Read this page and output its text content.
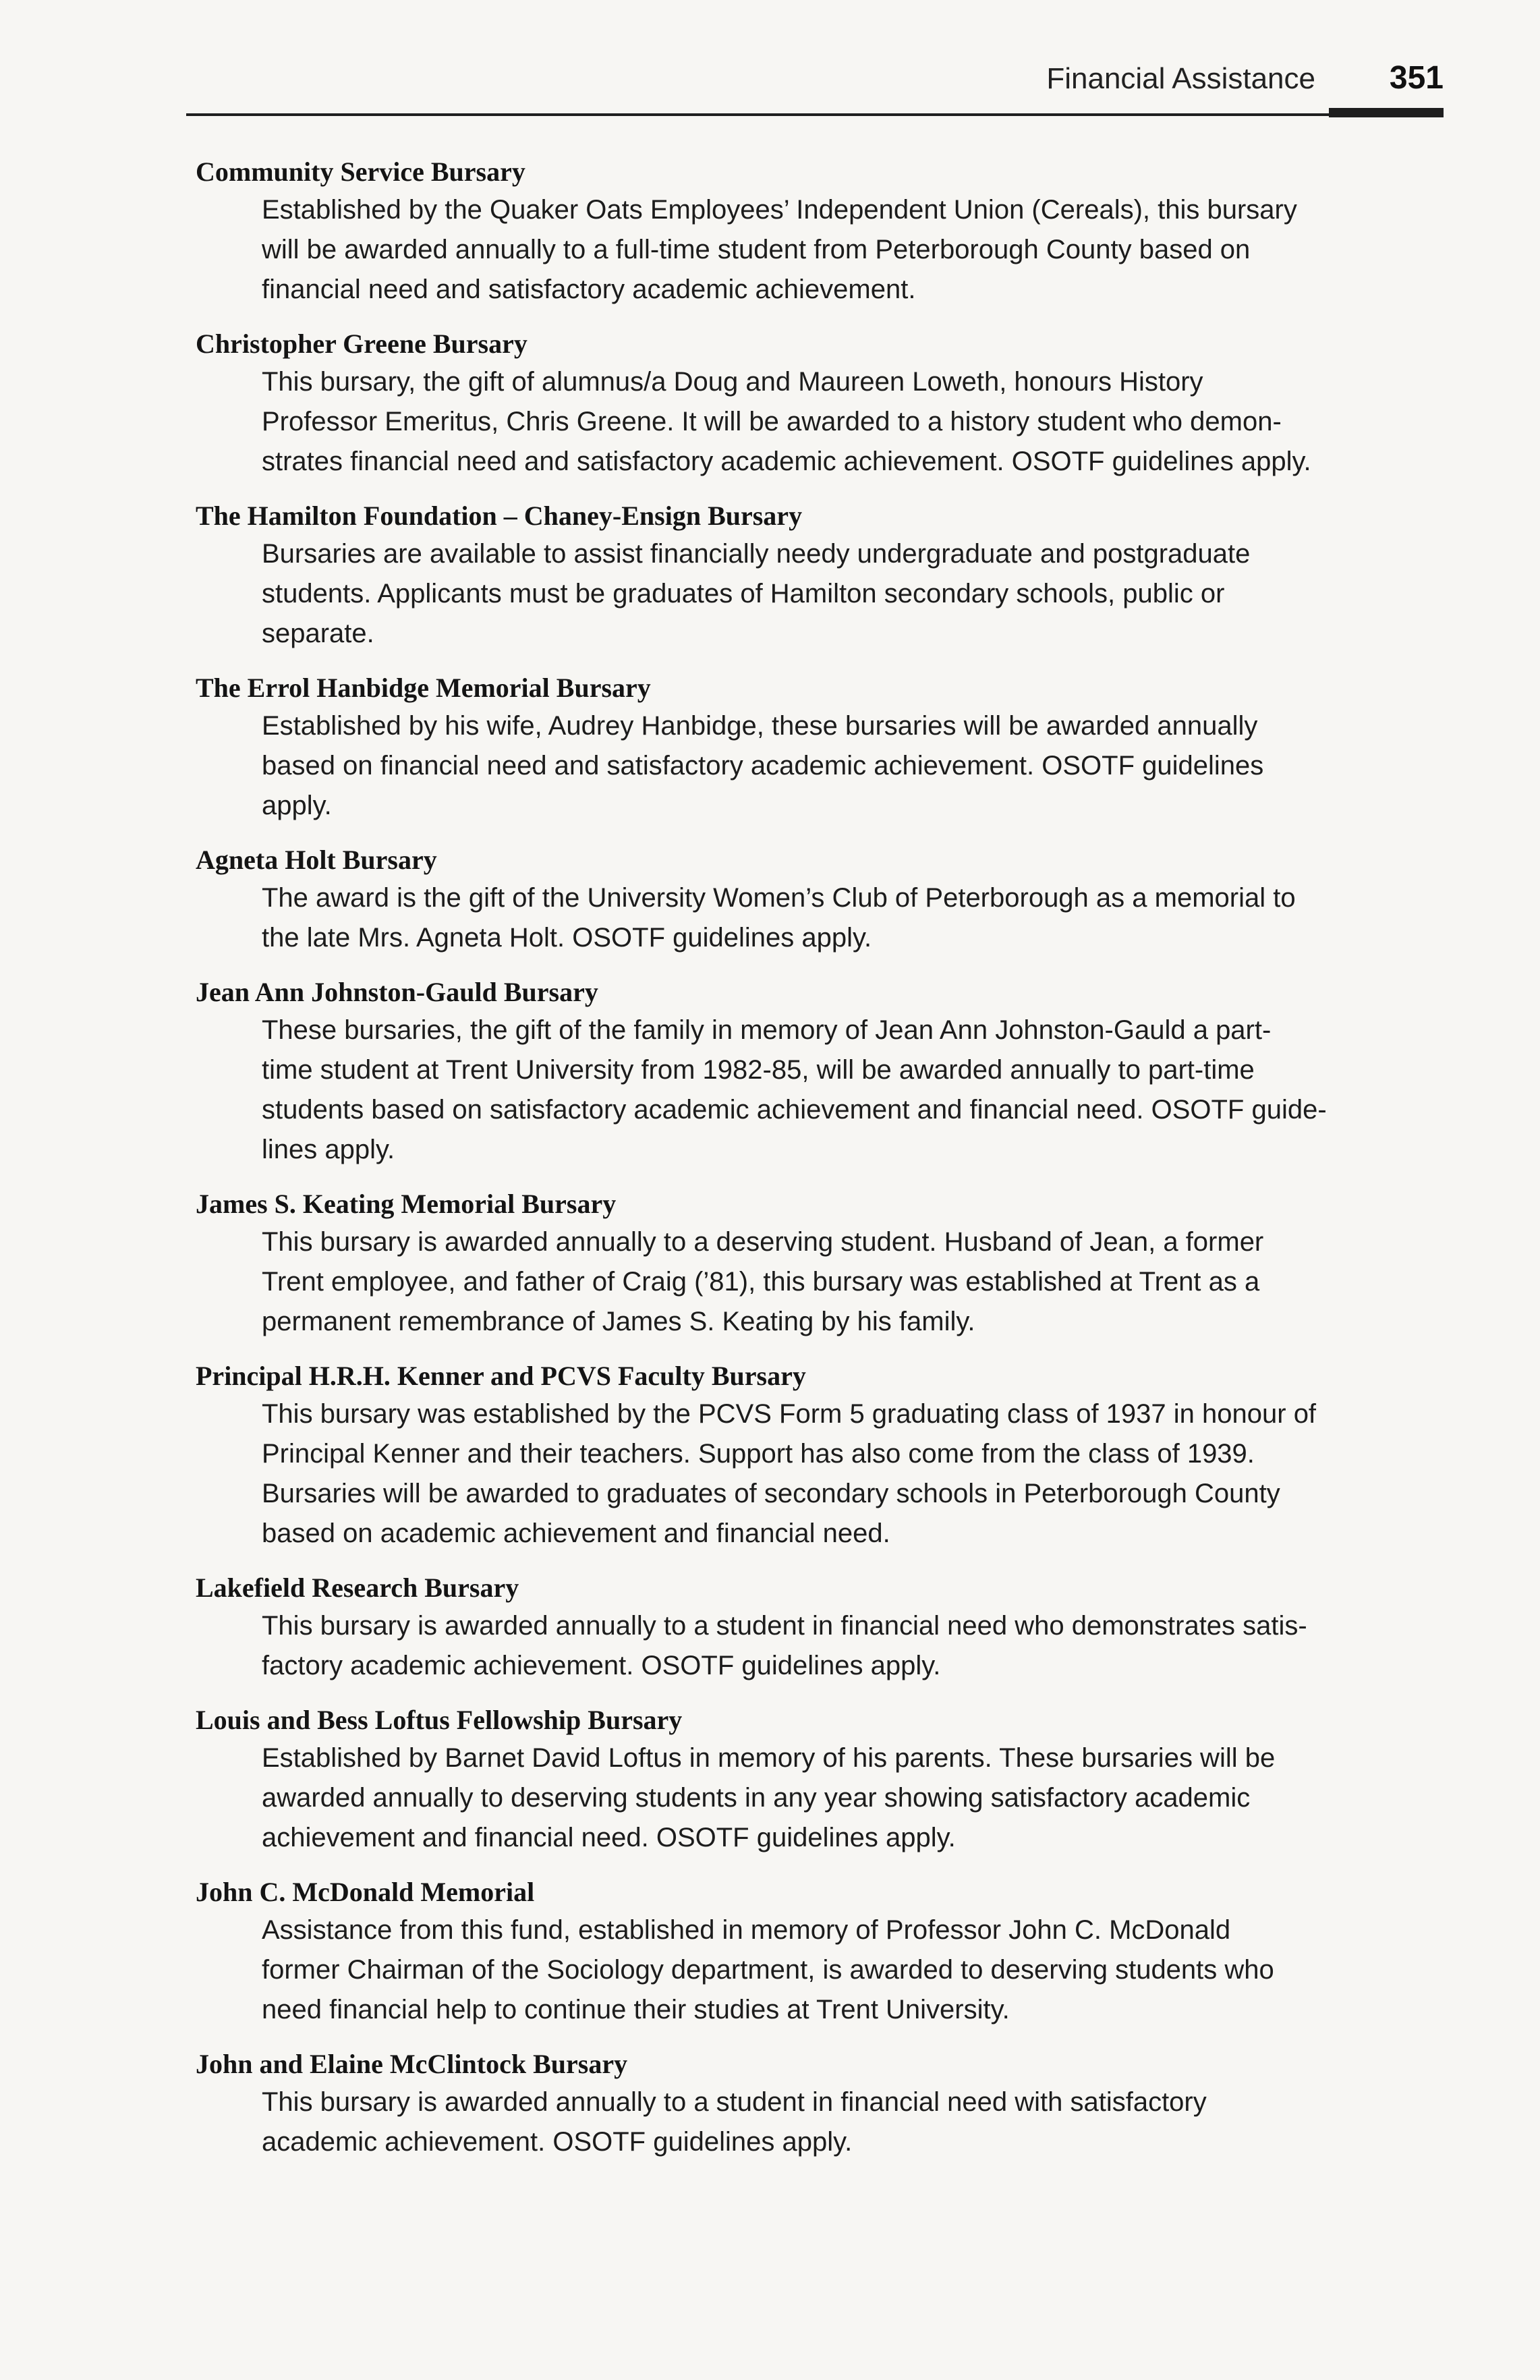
Financial Assistance 351
Community Service Bursary
Established by the Quaker Oats Employees’ Independent Union (Cereals), this bursary
will be awarded annually to a full-time student from Peterborough County based on
financial need and satisfactory academic achievement.
Christopher Greene Bursary
This bursary, the gift of alumnus/a Doug and Maureen Loweth, honours History
Professor Emeritus, Chris Greene. It will be awarded to a history student who demon-
strates financial need and satisfactory academic achievement. OSOTF guidelines apply.
The Hamilton Foundation – Chaney-Ensign Bursary
Bursaries are available to assist financially needy undergraduate and postgraduate
students. Applicants must be graduates of Hamilton secondary schools, public or
separate.
The Errol Hanbidge Memorial Bursary
Established by his wife, Audrey Hanbidge, these bursaries will be awarded annually
based on financial need and satisfactory academic achievement. OSOTF guidelines
apply.
Agneta Holt Bursary
The award is the gift of the University Women’s Club of Peterborough as a memorial to
the late Mrs. Agneta Holt. OSOTF guidelines apply.
Jean Ann Johnston-Gauld Bursary
These bursaries, the gift of the family in memory of Jean Ann Johnston-Gauld a part-
time student at Trent University from 1982-85, will be awarded annually to part-time
students based on satisfactory academic achievement and financial need. OSOTF guide-
lines apply.
James S. Keating Memorial Bursary
This bursary is awarded annually to a deserving student. Husband of Jean, a former
Trent employee, and father of Craig (’81), this bursary was established at Trent as a
permanent remembrance of James S. Keating by his family.
Principal H.R.H. Kenner and PCVS Faculty Bursary
This bursary was established by the PCVS Form 5 graduating class of 1937 in honour of
Principal Kenner and their teachers. Support has also come from the class of 1939.
Bursaries will be awarded to graduates of secondary schools in Peterborough County
based on academic achievement and financial need.
Lakefield Research Bursary
This bursary is awarded annually to a student in financial need who demonstrates satis-
factory academic achievement. OSOTF guidelines apply.
Louis and Bess Loftus Fellowship Bursary
Established by Barnet David Loftus in memory of his parents. These bursaries will be
awarded annually to deserving students in any year showing satisfactory academic
achievement and financial need. OSOTF guidelines apply.
John C. McDonald Memorial
Assistance from this fund, established in memory of Professor John C. McDonald
former Chairman of the Sociology department, is awarded to deserving students who
need financial help to continue their studies at Trent University.
John and Elaine McClintock Bursary
This bursary is awarded annually to a student in financial need with satisfactory
academic achievement. OSOTF guidelines apply.
